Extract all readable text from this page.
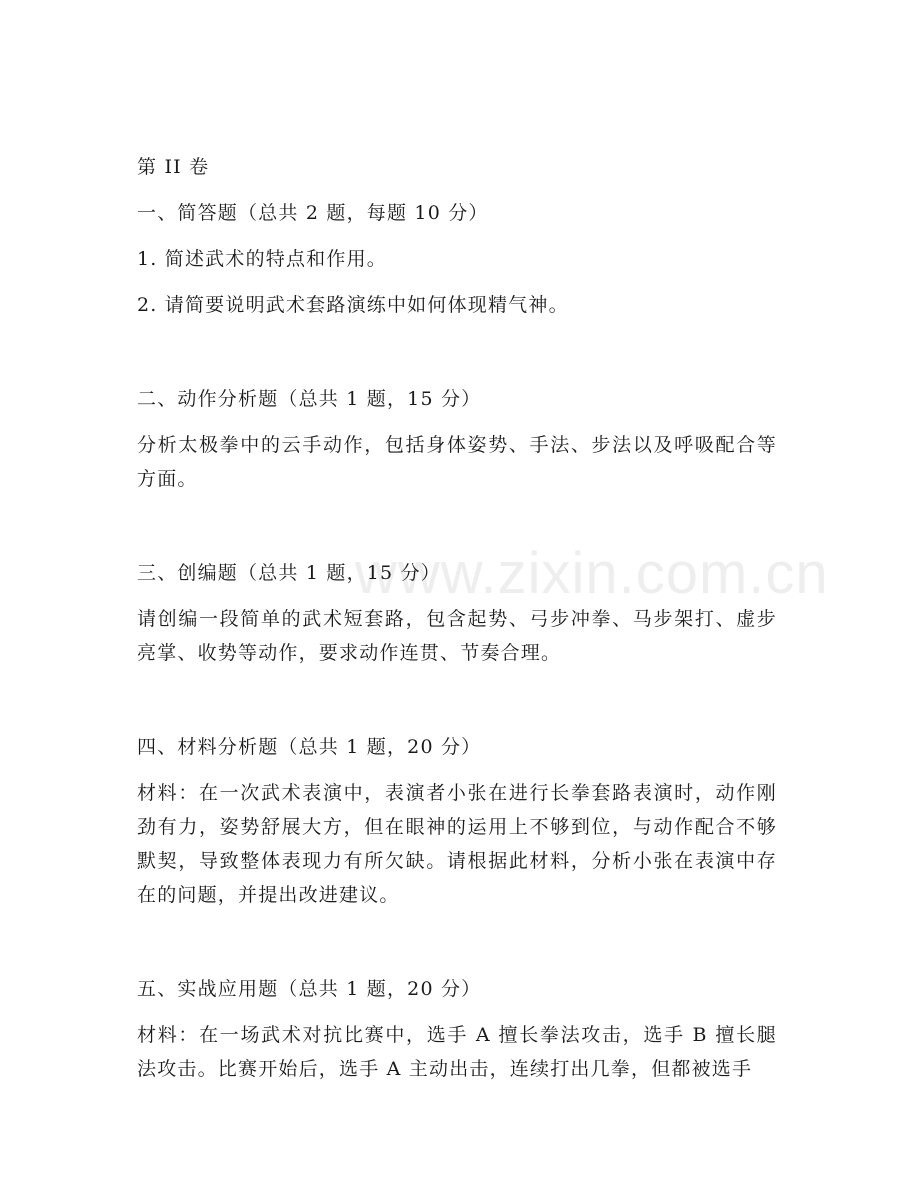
www.zixin.com.cn

第 II 卷

一、简答题（总共 2 题，每题 10 分）

1. 简述武术的特点和作用。

2. 请简要说明武术套路演练中如何体现精气神。

二、动作分析题（总共 1 题，15 分）

分析太极拳中的云手动作，包括身体姿势、手法、步法以及呼吸配合等方面。

三、创编题（总共 1 题，15 分）

请创编一段简单的武术短套路，包含起势、弓步冲拳、马步架打、虚步亮掌、收势等动作，要求动作连贯、节奏合理。

四、材料分析题（总共 1 题，20 分）

材料：在一次武术表演中，表演者小张在进行长拳套路表演时，动作刚劲有力，姿势舒展大方，但在眼神的运用上不够到位，与动作配合不够默契，导致整体表现力有所欠缺。请根据此材料，分析小张在表演中存在的问题，并提出改进建议。

五、实战应用题（总共 1 题，20 分）

材料：在一场武术对抗比赛中，选手 A 擅长拳法攻击，选手 B 擅长腿法攻击。比赛开始后，选手 A 主动出击，连续打出几拳，但都被选手
